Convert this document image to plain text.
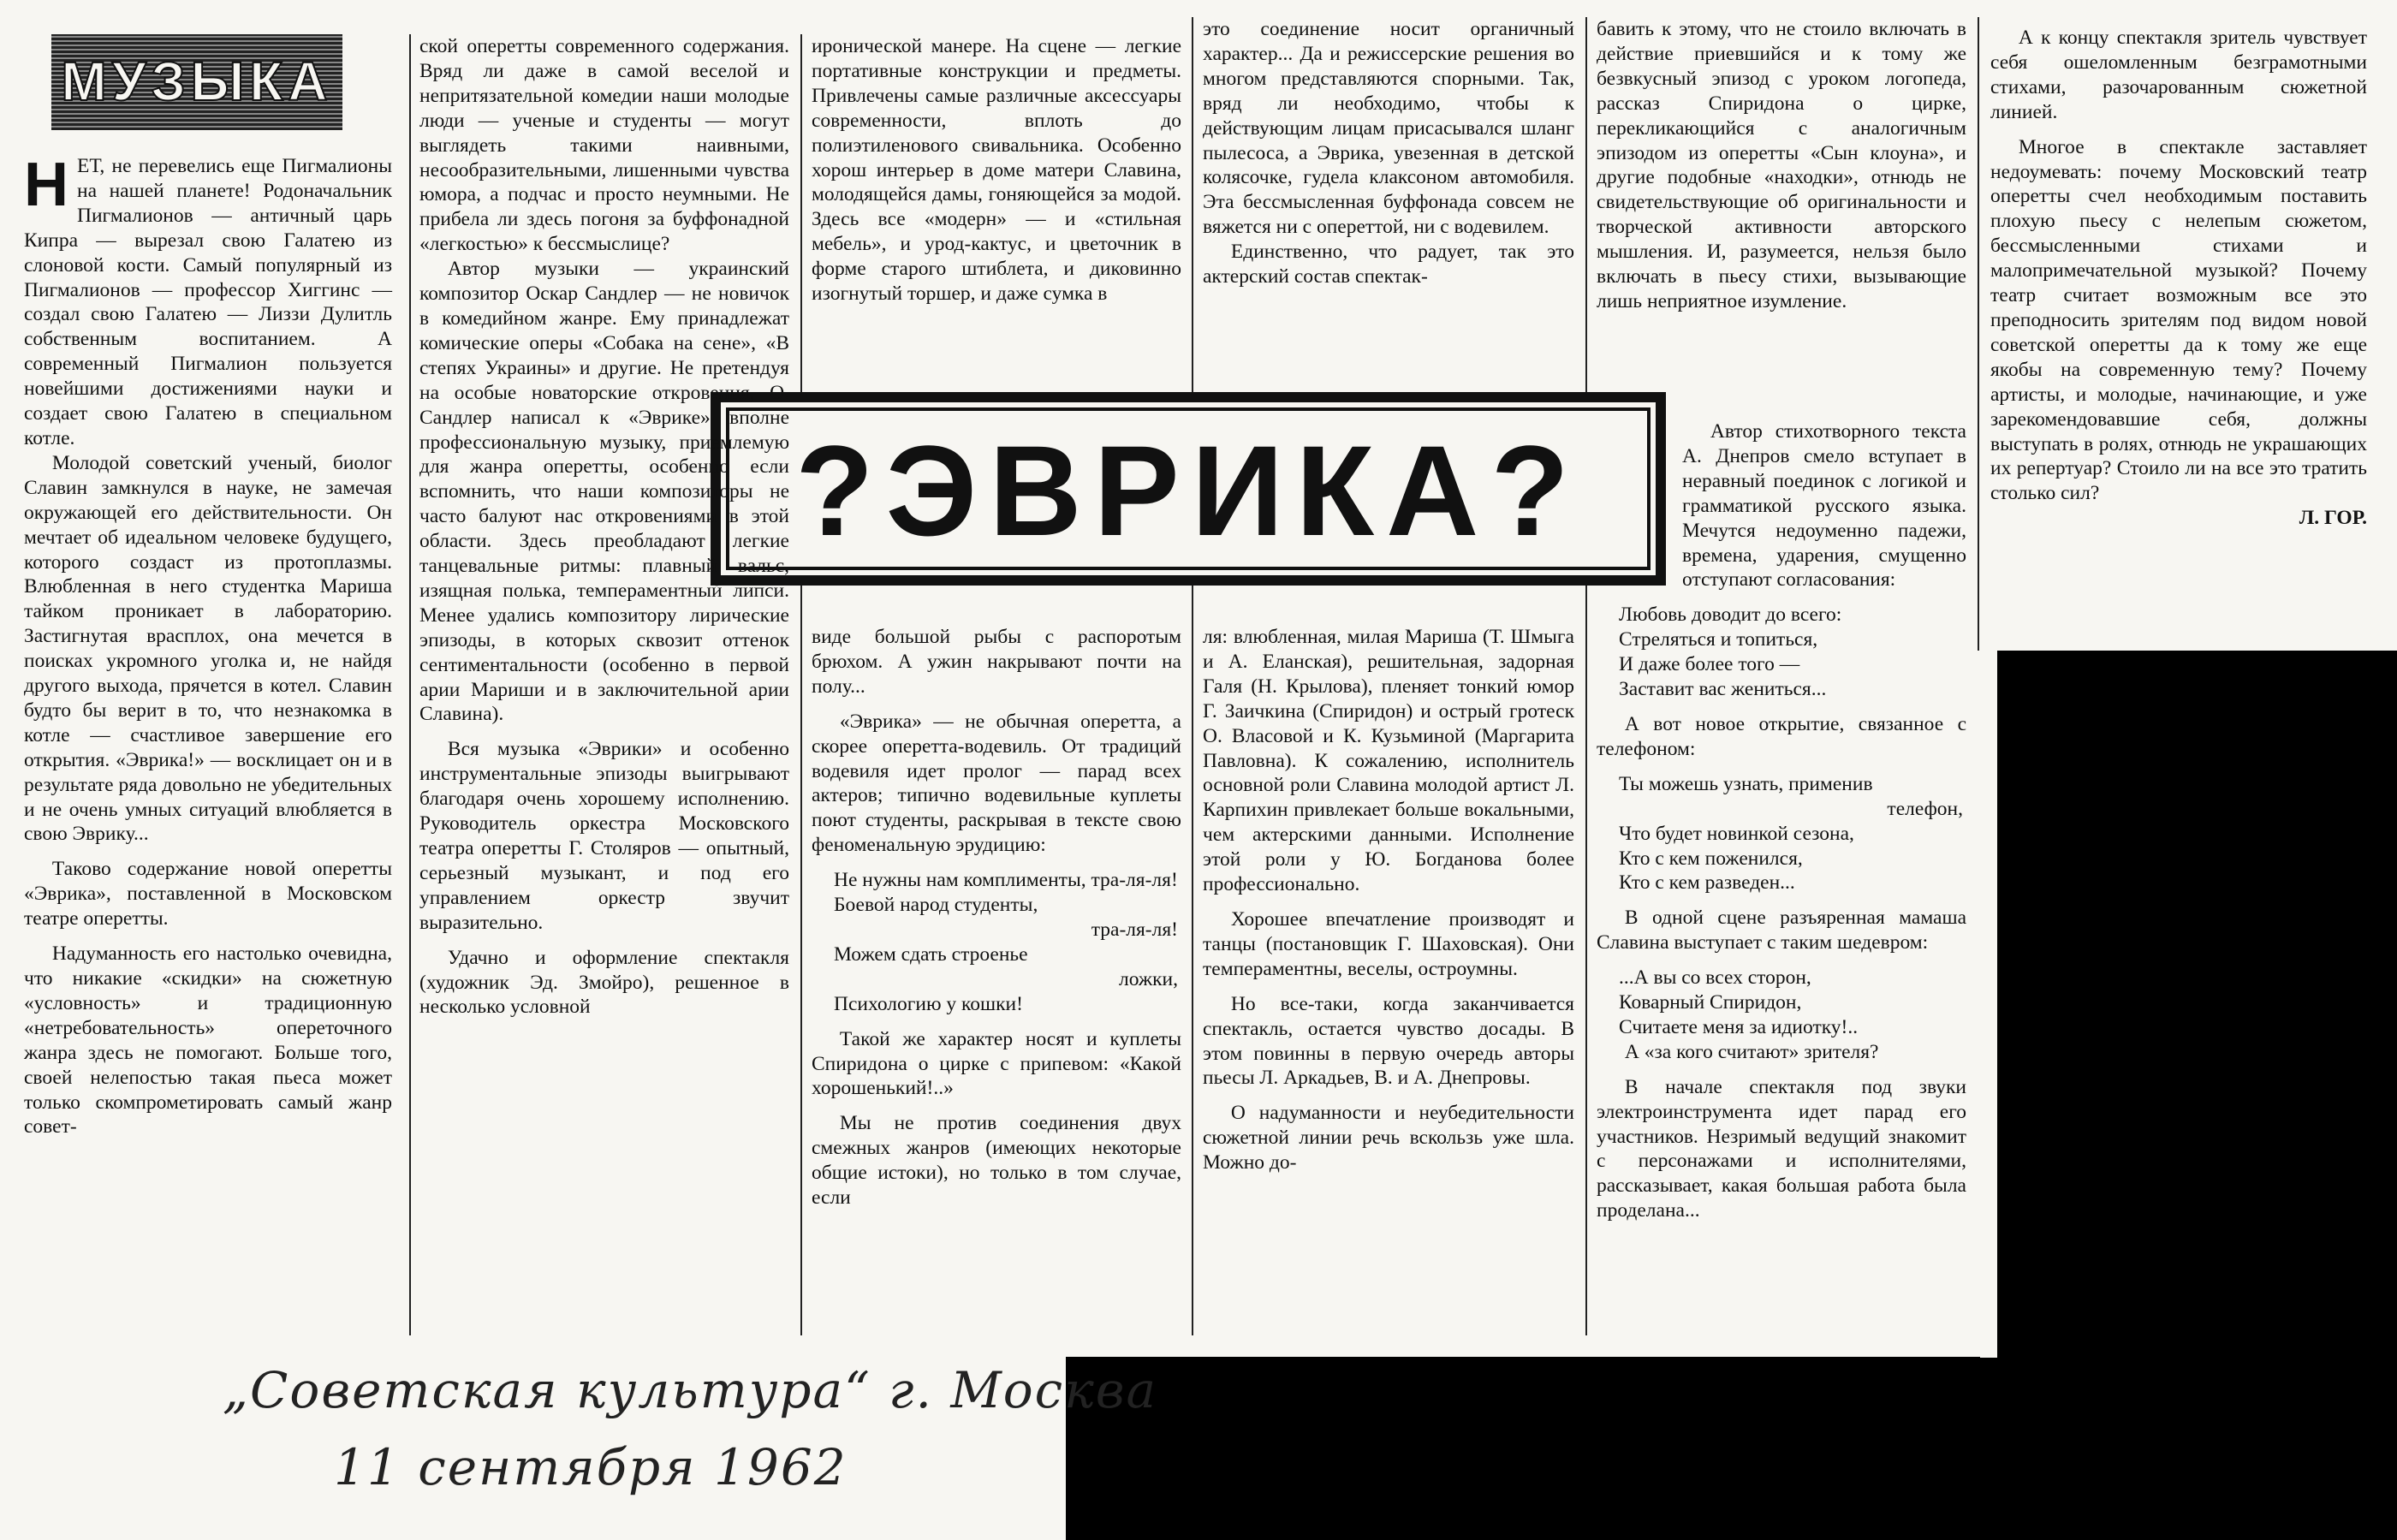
МУЗЫКА
?ЭВРИКА?

НЕТ, не перевелись еще Пигмалионы на нашей планете! Родоначальник Пигмалионов — античный царь Кипра — вырезал свою Галатею из слоновой кости. Самый популярный из Пигмалионов — профессор Хиггинс — создал свою Галатею — Лиззи Дулитль собственным воспитанием. А современный Пигмалион пользуется новейшими достижениями науки и создает свою Галатею в специальном котле.

Молодой советский ученый, биолог Славин замкнулся в науке, не замечая окружающей его действительности. Он мечтает об идеальном человеке будущего, которого создаст из протоплазмы. Влюбленная в него студентка Мариша тайком проникает в лабораторию. Застигнутая врасплох, она мечется в поисках укромного уголка и, не найдя другого выхода, прячется в котел. Славин будто бы верит в то, что незнакомка в котле — счастливое завершение его открытия. «Эврика!» — восклицает он и в результате ряда довольно не убедительных и не очень умных ситуаций влюбляется в свою Эврику...

Таково содержание новой оперетты «Эврика», поставленной в Московском театре оперетты.

Надуманность его настолько очевидна, что никакие «скидки» на сюжетную «условность» и традиционную «нетребовательность» опереточного жанра здесь не помогают. Больше того, своей нелепостью такая пьеса может только скомпрометировать самый жанр совет-

ской оперетты современного содержания. Вряд ли даже в самой веселой и непритязательной комедии наши молодые люди — ученые и студенты — могут выглядеть такими наивными, несообразительными, лишенными чувства юмора, а подчас и просто неумными. Не прибела ли здесь погоня за буффонадной «легкостью» к бессмыслице?

Автор музыки — украинский композитор Оскар Сандлер — не новичок в комедийном жанре. Ему принадлежат комические оперы «Собака на сене», «В степях Украины» и другие. Не претендуя на особые новаторские откровения, О. Сандлер написал к «Эврике» вполне профессиональную музыку, приемлемую для жанра оперетты, особенно если вспомнить, что наши композиторы не часто балуют нас откровениями в этой области. Здесь преобладают легкие танцевальные ритмы: плавный вальс, изящная полька, темпераментный липси. Менее удались композитору лирические эпизоды, в которых сквозит оттенок сентиментальности (особенно в первой арии Мариши и в заключительной арии Славина).

Вся музыка «Эврики» и особенно инструментальные эпизоды выигрывают благодаря очень хорошему исполнению. Руководитель оркестра Московского театра оперетты Г. Столяров — опытный, серьезный музыкант, и под его управлением оркестр звучит выразительно.

Удачно и оформление спектакля (художник Эд. Змойро), решенное в несколько условной

иронической манере. На сцене — легкие портативные конструкции и предметы. Привлечены самые различные аксессуары современности, вплоть до полиэтиленового свивальника. Особенно хорош интерьер в доме матери Славина, молодящейся дамы, гоняющейся за модой. Здесь все «модерн» — и «стильная мебель», и урод-кактус, и цветочник в форме старого штиблета, и диковинно изогнутый торшер, и даже сумка в

виде большой рыбы с распоротым брюхом. А ужин накрывают почти на полу...

«Эврика» — не обычная оперетта, а скорее оперетта-водевиль. От традиций водевиля идет пролог — парад всех актеров; типично водевильные куплеты поют студенты, раскрывая в тексте свою феноменальную эрудицию:

Не нужны нам комплименты, тра-ля-ля!

Боевой народ студенты,

тра-ля-ля!

Можем сдать строенье

ложки,

Психологию у кошки!

Такой же характер носят и куплеты Спиридона о цирке с припевом: «Какой хорошенький!..»

Мы не против соединения двух смежных жанров (имеющих некоторые общие истоки), но только в том случае, если

это соединение носит органичный характер... Да и режиссерские решения во многом представляются спорными. Так, вряд ли необходимо, чтобы к действующим лицам присасывался шланг пылесоса, а Эврика, увезенная в детской колясочке, гудела клаксоном автомобиля. Эта бессмысленная буффонада совсем не вяжется ни с опереттой, ни с водевилем.

Единственно, что радует, так это актерский состав спектак-

ля: влюбленная, милая Мариша (Т. Шмыга и А. Еланская), решительная, задорная Галя (Н. Крылова), пленяет тонкий юмор Г. Заичкина (Спиридон) и острый гротеск О. Власовой и К. Кузьминой (Маргарита Павловна). К сожалению, исполнитель основной роли Славина молодой артист Л. Карпихин привлекает больше вокальными, чем актерскими данными. Исполнение этой роли у Ю. Богданова более профессионально.

Хорошее впечатление производят и танцы (постановщик Г. Шаховская). Они темпераментны, веселы, остроумны.

Но все-таки, когда заканчивается спектакль, остается чувство досады. В этом повинны в первую очередь авторы пьесы Л. Аркадьев, В. и А. Днепровы.

О надуманности и неубедительности сюжетной линии речь вскользь уже шла. Можно до-

бавить к этому, что не стоило включать в действие приевшийся и к тому же безвкусный эпизод с уроком логопеда, рассказ Спиридона о цирке, перекликающийся с аналогичным эпизодом из оперетты «Сын клоуна», и другие подобные «находки», отнюдь не свидетельствующие об оригинальности и творческой активности авторского мышления. И, разумеется, нельзя было включать в пьесу стихи, вызывающие лишь неприятное изумление.

Автор стихотворного текста А. Днепров смело вступает в неравный поединок с логикой и грамматикой русского языка. Мечутся недоуменно падежи, времена, ударения, смущенно отступают согласования:

Любовь доводит до всего:

Стреляться и топиться,

И даже более того —

Заставит вас жениться...

А вот новое открытие, связанное с телефоном:

Ты можешь узнать, применив

телефон,

Что будет новинкой сезона,

Кто с кем поженился,

Кто с кем разведен...

В одной сцене разъяренная мамаша Славина выступает с таким шедевром:

...А вы со всех сторон,

Коварный Спиридон,

Считаете меня за идиотку!..

А «за кого считают» зрителя?

В начале спектакля под звуки электроинструмента идет парад его участников. Незримый ведущий знакомит с персонажами и исполнителями, рассказывает, какая большая работа была проделана...

А к концу спектакля зритель чувствует себя ошеломленным безграмотными стихами, разочарованным сюжетной линией.

Многое в спектакле заставляет недоумевать: почему Московский театр оперетты счел необходимым поставить плохую пьесу с нелепым сюжетом, бессмысленными стихами и малопримечательной музыкой? Почему театр считает возможным все это преподносить зрителям под видом новой советской оперетты да к тому же еще якобы на современную тему? Почему артисты, и молодые, начинающие, и уже зарекомендовавшие себя, должны выступать в ролях, отнюдь не украшающих их репертуар? Стоило ли на все это тратить столько сил?

Л. ГОР.

„Советская культура“ г. Москва
11 сентября 1962
